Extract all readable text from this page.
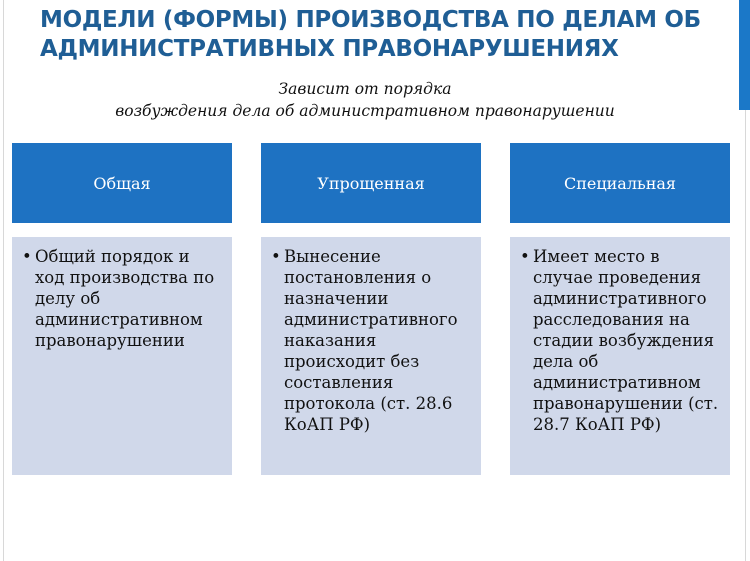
МОДЕЛИ (ФОРМЫ) ПРОИЗВОДСТВА ПО ДЕЛАМ ОБ АДМИНИСТРАТИВНЫХ ПРАВОНАРУШЕНИЯХ
Зависит от порядка
возбуждения дела об административном правонарушении
Общая	Упрощенная	Специальная
• Общий порядок и ход производства по делу об административном правонарушении
• Вынесение постановления о назначении административного наказания происходит без составления протокола (ст. 28.6 КоАП РФ)
• Имеет место в случае проведения административного расследования на стадии возбуждения дела об административном правонарушении (ст. 28.7 КоАП РФ)
